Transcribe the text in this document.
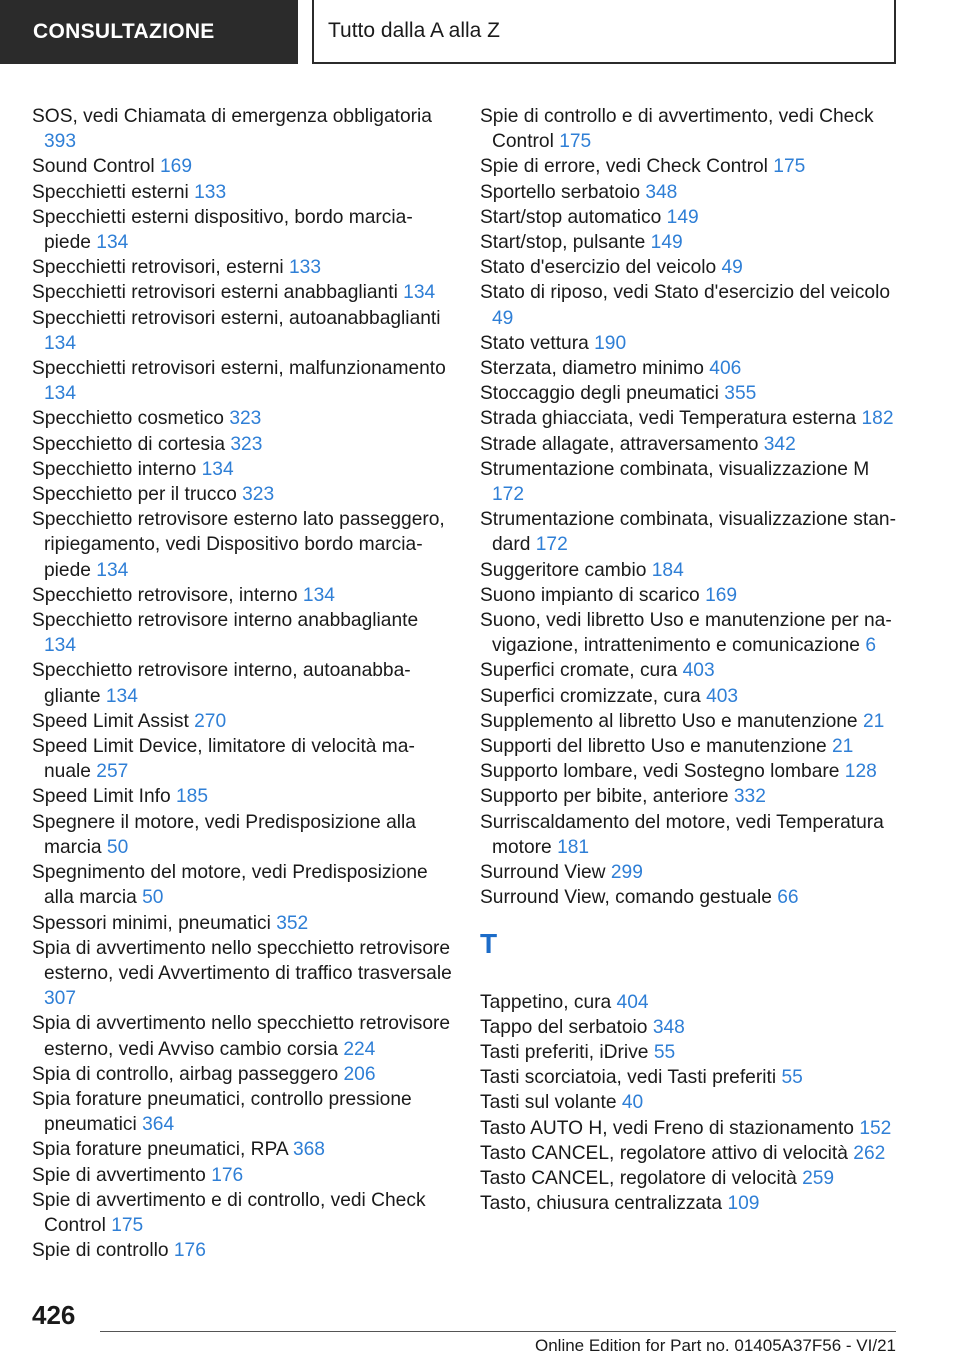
CONSULTAZIONE	Tutto dalla A alla Z
SOS, vedi Chiamata di emergenza obbligatoria 393
Sound Control 169
Specchietti esterni 133
Specchietti esterni dispositivo, bordo marciapiede 134
Specchietti retrovisori, esterni 133
Specchietti retrovisori esterni anabbaglianti 134
Specchietti retrovisori esterni, autoanabbaglianti 134
Specchietti retrovisori esterni, malfunzionamento 134
Specchietto cosmetico 323
Specchietto di cortesia 323
Specchietto interno 134
Specchietto per il trucco 323
Specchietto retrovisore esterno lato passeggero, ripiegamento, vedi Dispositivo bordo marciapiede 134
Specchietto retrovisore, interno 134
Specchietto retrovisore interno anabbagliante 134
Specchietto retrovisore interno, autoanabbagliante 134
Speed Limit Assist 270
Speed Limit Device, limitatore di velocità manuale 257
Speed Limit Info 185
Spegnere il motore, vedi Predisposizione alla marcia 50
Spegnimento del motore, vedi Predisposizione alla marcia 50
Spessori minimi, pneumatici 352
Spia di avvertimento nello specchietto retrovisore esterno, vedi Avvertimento di traffico trasversale 307
Spia di avvertimento nello specchietto retrovisore esterno, vedi Avviso cambio corsia 224
Spia di controllo, airbag passeggero 206
Spia forature pneumatici, controllo pressione pneumatici 364
Spia forature pneumatici, RPA 368
Spie di avvertimento 176
Spie di avvertimento e di controllo, vedi Check Control 175
Spie di controllo 176
Spie di controllo e di avvertimento, vedi Check Control 175
Spie di errore, vedi Check Control 175
Sportello serbatoio 348
Start/stop automatico 149
Start/stop, pulsante 149
Stato d'esercizio del veicolo 49
Stato di riposo, vedi Stato d'esercizio del veicolo 49
Stato vettura 190
Sterzata, diametro minimo 406
Stoccaggio degli pneumatici 355
Strada ghiacciata, vedi Temperatura esterna 182
Strade allagate, attraversamento 342
Strumentazione combinata, visualizzazione M 172
Strumentazione combinata, visualizzazione standard 172
Suggeritore cambio 184
Suono impianto di scarico 169
Suono, vedi libretto Uso e manutenzione per navigazione, intrattenimento e comunicazione 6
Superfici cromate, cura 403
Superfici cromizzate, cura 403
Supplemento al libretto Uso e manutenzione 21
Supporti del libretto Uso e manutenzione 21
Supporto lombare, vedi Sostegno lombare 128
Supporto per bibite, anteriore 332
Surriscaldamento del motore, vedi Temperatura motore 181
Surround View 299
Surround View, comando gestuale 66
T
Tappetino, cura 404
Tappo del serbatoio 348
Tasti preferiti, iDrive 55
Tasti scorciatoia, vedi Tasti preferiti 55
Tasti sul volante 40
Tasto AUTO H, vedi Freno di stazionamento 152
Tasto CANCEL, regolatore attivo di velocità 262
Tasto CANCEL, regolatore di velocità 259
Tasto, chiusura centralizzata 109
426
Online Edition for Part no. 01405A37F56 - VI/21
